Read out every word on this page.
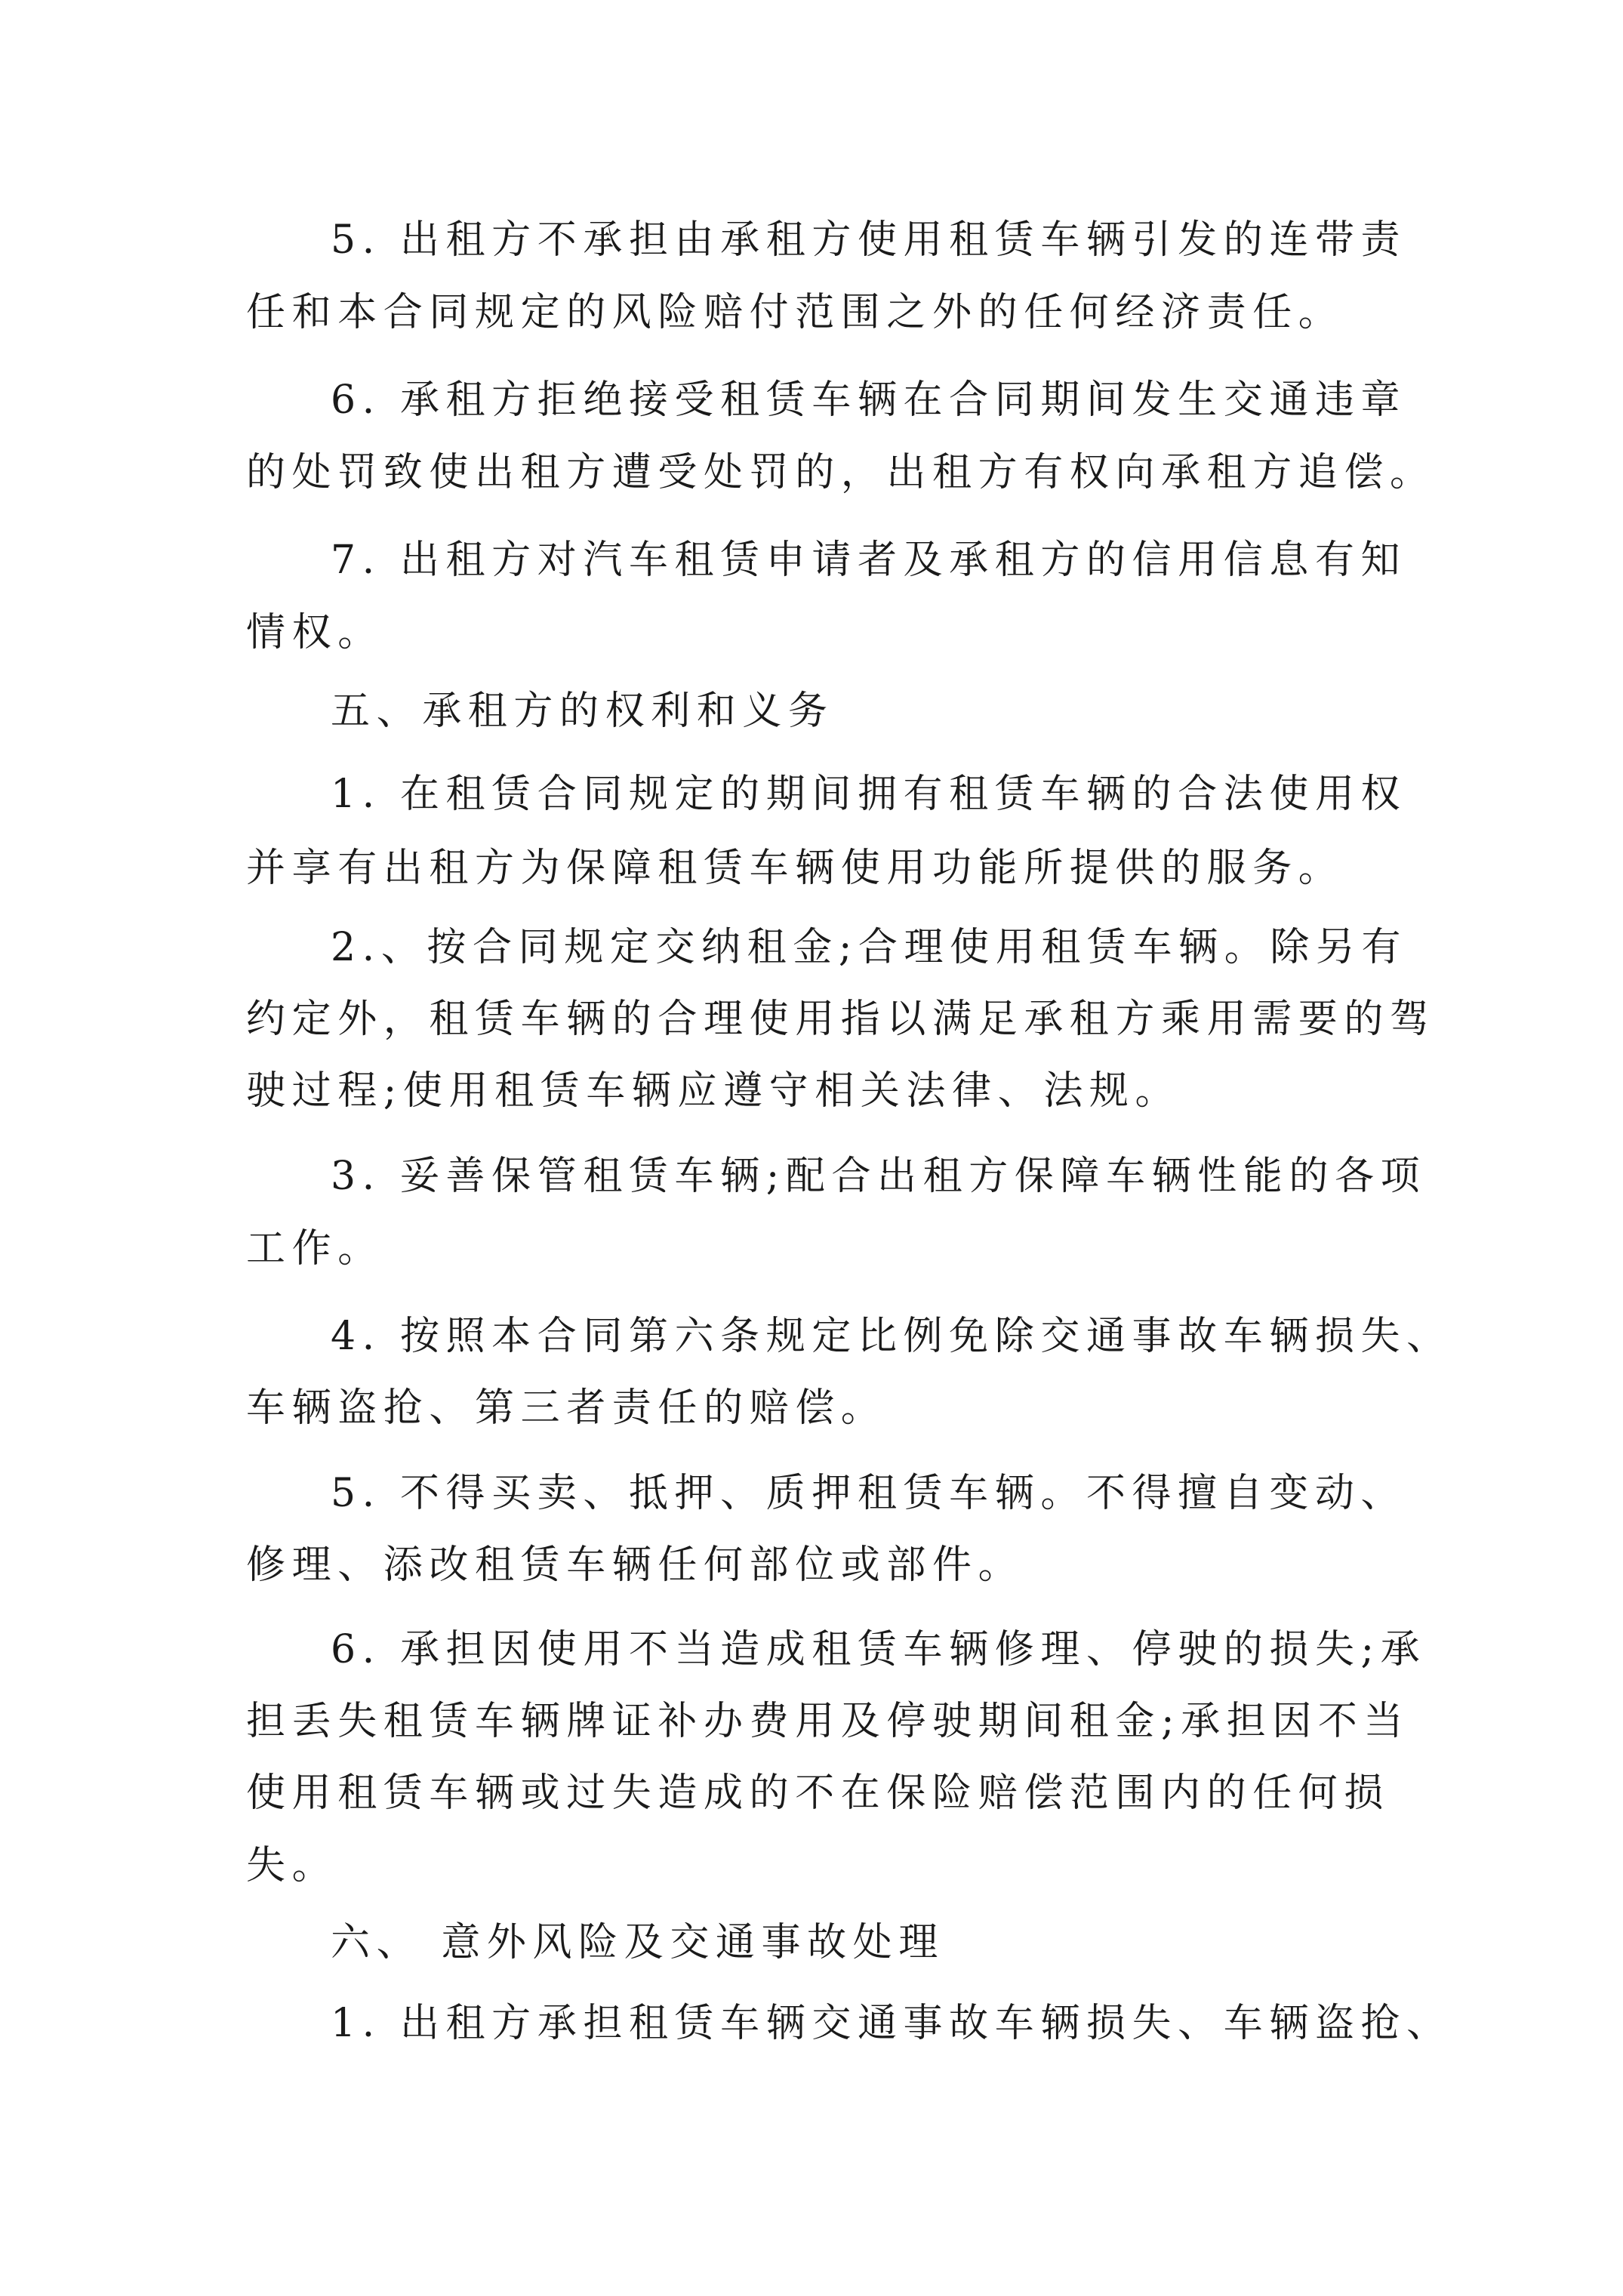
5. 出租方不承担由承租方使用租赁车辆引发的连带责
任和本合同规定的风险赔付范围之外的任何经济责任。
6. 承租方拒绝接受租赁车辆在合同期间发生交通违章
的处罚致使出租方遭受处罚的，出租方有权向承租方追偿。
7. 出租方对汽车租赁申请者及承租方的信用信息有知
情权。
五、承租方的权利和义务
1. 在租赁合同规定的期间拥有租赁车辆的合法使用权
并享有出租方为保障租赁车辆使用功能所提供的服务。
2.、按合同规定交纳租金;合理使用租赁车辆。除另有
约定外，租赁车辆的合理使用指以满足承租方乘用需要的驾
驶过程;使用租赁车辆应遵守相关法律、法规。
3. 妥善保管租赁车辆;配合出租方保障车辆性能的各项
工作。
4. 按照本合同第六条规定比例免除交通事故车辆损失、
车辆盗抢、第三者责任的赔偿。
5. 不得买卖、抵押、质押租赁车辆。不得擅自变动、
修理、添改租赁车辆任何部位或部件。
6. 承担因使用不当造成租赁车辆修理、停驶的损失;承
担丢失租赁车辆牌证补办费用及停驶期间租金;承担因不当
使用租赁车辆或过失造成的不在保险赔偿范围内的任何损
失。
六、 意外风险及交通事故处理
1. 出租方承担租赁车辆交通事故车辆损失、车辆盗抢、
